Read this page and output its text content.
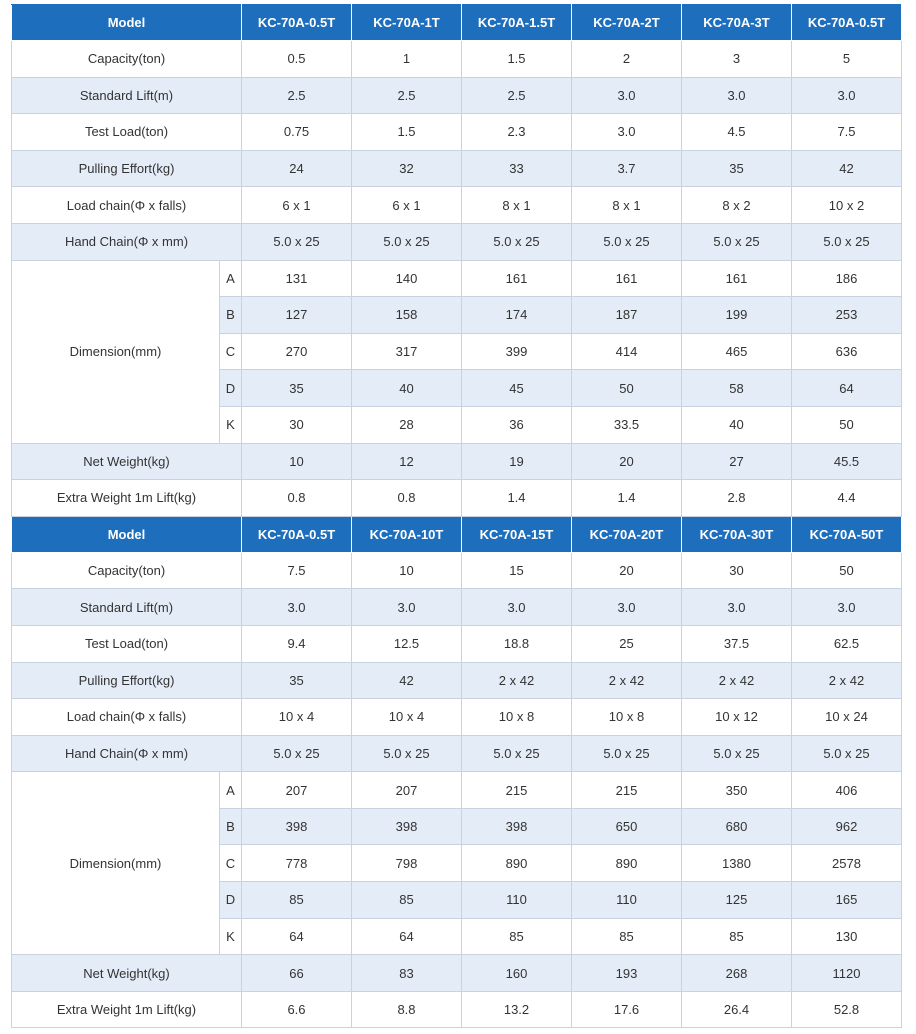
Model		KC-70A-0.5T	KC-70A-1T	KC-70A-1.5T	KC-70A-2T	KC-70A-3T	KC-70A-0.5T
Capacity(ton)		0.5	1	1.5	2	3	5
Standard Lift(m)		2.5	2.5	2.5	3.0	3.0	3.0
Test Load(ton)		0.75	1.5	2.3	3.0	4.5	7.5
Pulling Effort(kg)		24	32	33	3.7	35	42
Load chain(Φ x falls)		6 x 1	6 x 1	8 x 1	8 x 1	8 x 2	10 x 2
Hand Chain(Φ x mm)		5.0 x 25	5.0 x 25	5.0 x 25	5.0 x 25	5.0 x 25	5.0 x 25
Dimension(mm)	A	131	140	161	161	161	186
	B	127	158	174	187	199	253
	C	270	317	399	414	465	636
	D	35	40	45	50	58	64
	K	30	28	36	33.5	40	50
Net Weight(kg)		10	12	19	20	27	45.5
Extra Weight 1m Lift(kg)		0.8	0.8	1.4	1.4	2.8	4.4
Model		KC-70A-0.5T	KC-70A-10T	KC-70A-15T	KC-70A-20T	KC-70A-30T	KC-70A-50T
Capacity(ton)		7.5	10	15	20	30	50
Standard Lift(m)		3.0	3.0	3.0	3.0	3.0	3.0
Test Load(ton)		9.4	12.5	18.8	25	37.5	62.5
Pulling Effort(kg)		35	42	2 x 42	2 x 42	2 x 42	2 x 42
Load chain(Φ x falls)		10 x 4	10 x 4	10 x 8	10 x 8	10 x 12	10 x 24
Hand Chain(Φ x mm)		5.0 x 25	5.0 x 25	5.0 x 25	5.0 x 25	5.0 x 25	5.0 x 25
Dimension(mm)	A	207	207	215	215	350	406
	B	398	398	398	650	680	962
	C	778	798	890	890	1380	2578
	D	85	85	110	110	125	165
	K	64	64	85	85	85	130
Net Weight(kg)		66	83	160	193	268	1120
Extra Weight 1m Lift(kg)		6.6	8.8	13.2	17.6	26.4	52.8
